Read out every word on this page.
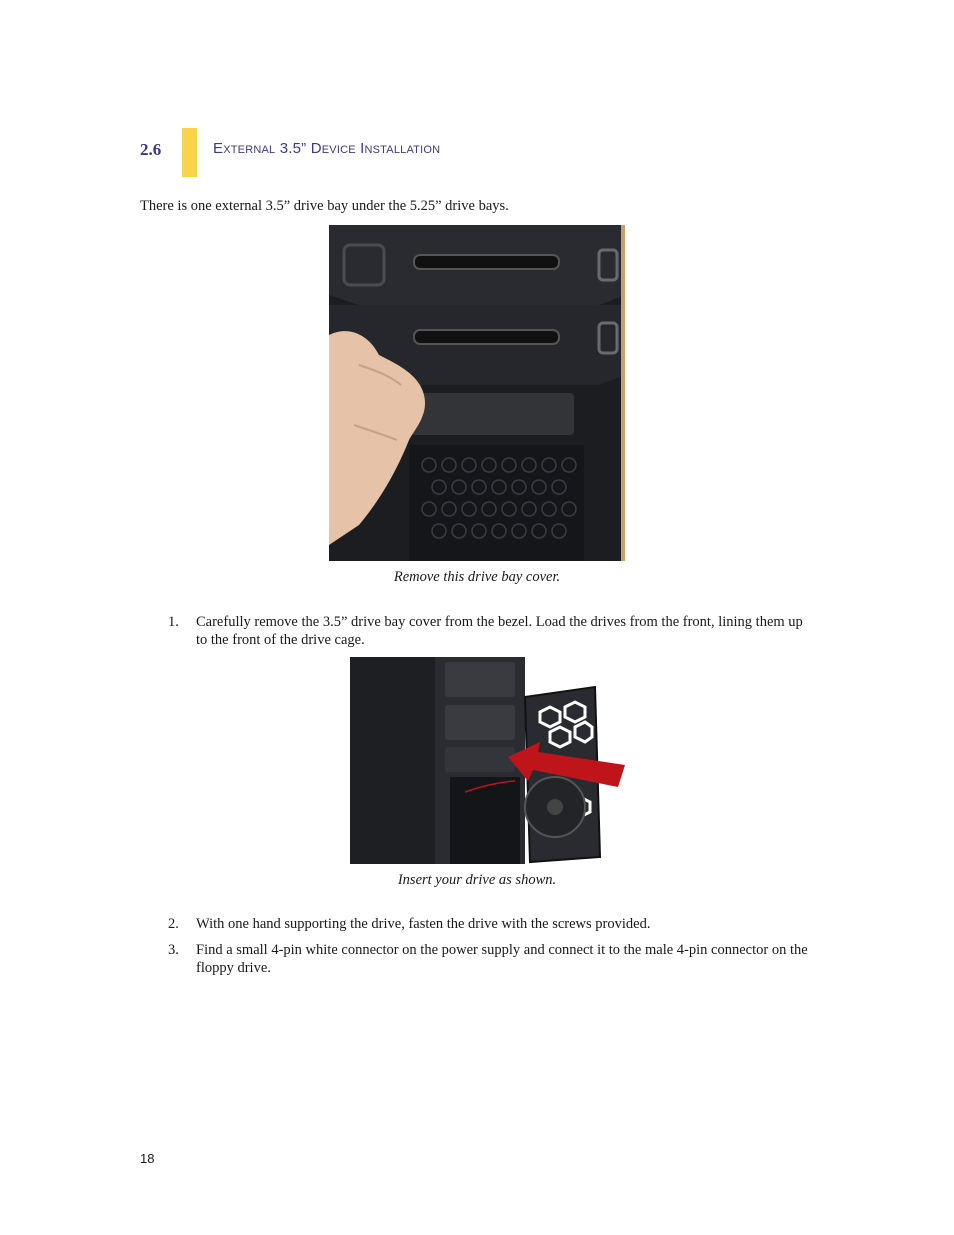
2.6	External 3.5” Device Installation
There is one external 3.5” drive bay under the 5.25” drive bays.
Remove this drive bay cover.
1. Carefully remove the 3.5” drive bay cover from the bezel. Load the drives from the front, lining them up to the front of the drive cage.
Insert your drive as shown.
2. With one hand supporting the drive, fasten the drive with the screws provided.
3. Find a small 4-pin white connector on the power supply and connect it to the male 4-pin connector on the floppy drive.
18
